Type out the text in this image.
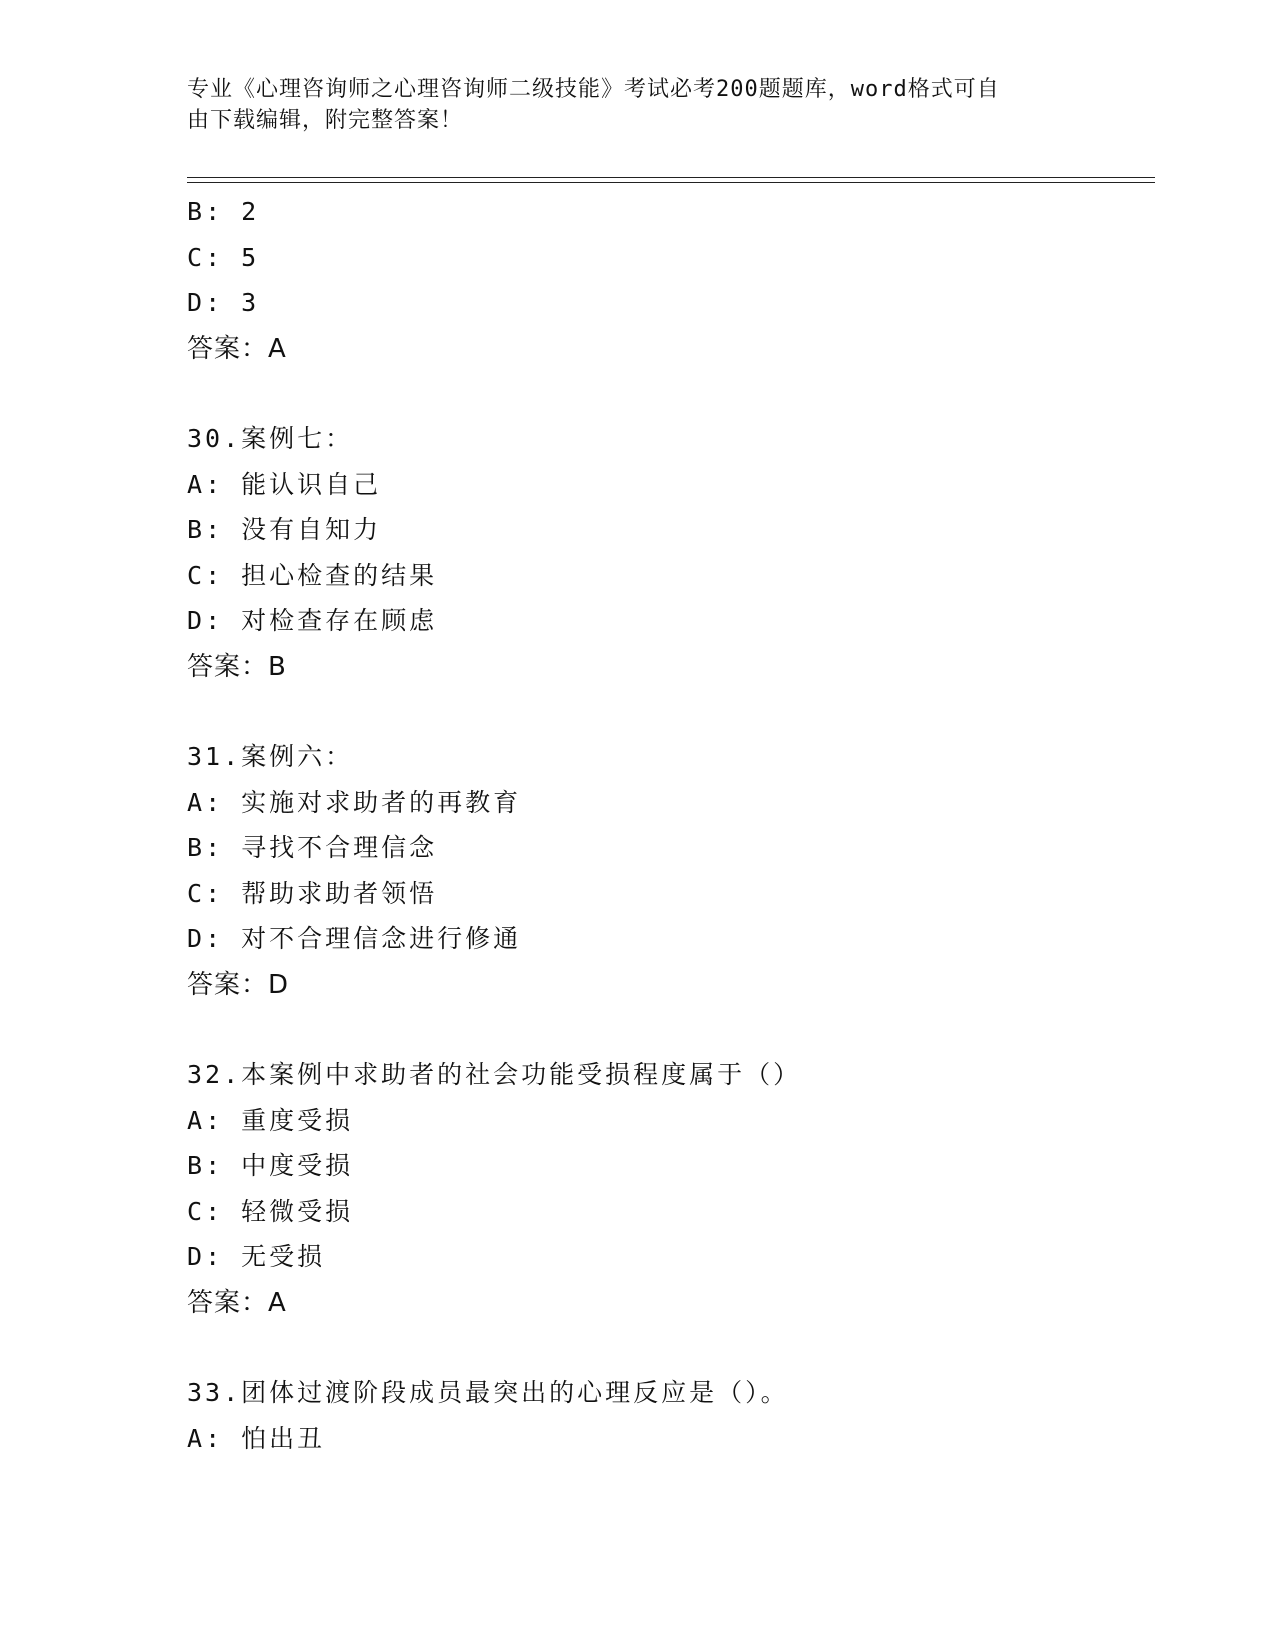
专业《心理咨询师之心理咨询师二级技能》考试必考200题题库，word格式可自
由下载编辑，附完整答案！
B: 2
C: 5
D: 3
答案：A
30.案例七：
A: 能认识自己
B: 没有自知力
C: 担心检查的结果
D: 对检查存在顾虑
答案：B
31.案例六：
A: 实施对求助者的再教育
B: 寻找不合理信念
C: 帮助求助者领悟
D: 对不合理信念进行修通
答案：D
32.本案例中求助者的社会功能受损程度属于（）
A: 重度受损
B: 中度受损
C: 轻微受损
D: 无受损
答案：A
33.团体过渡阶段成员最突出的心理反应是（）。
A: 怕出丑
